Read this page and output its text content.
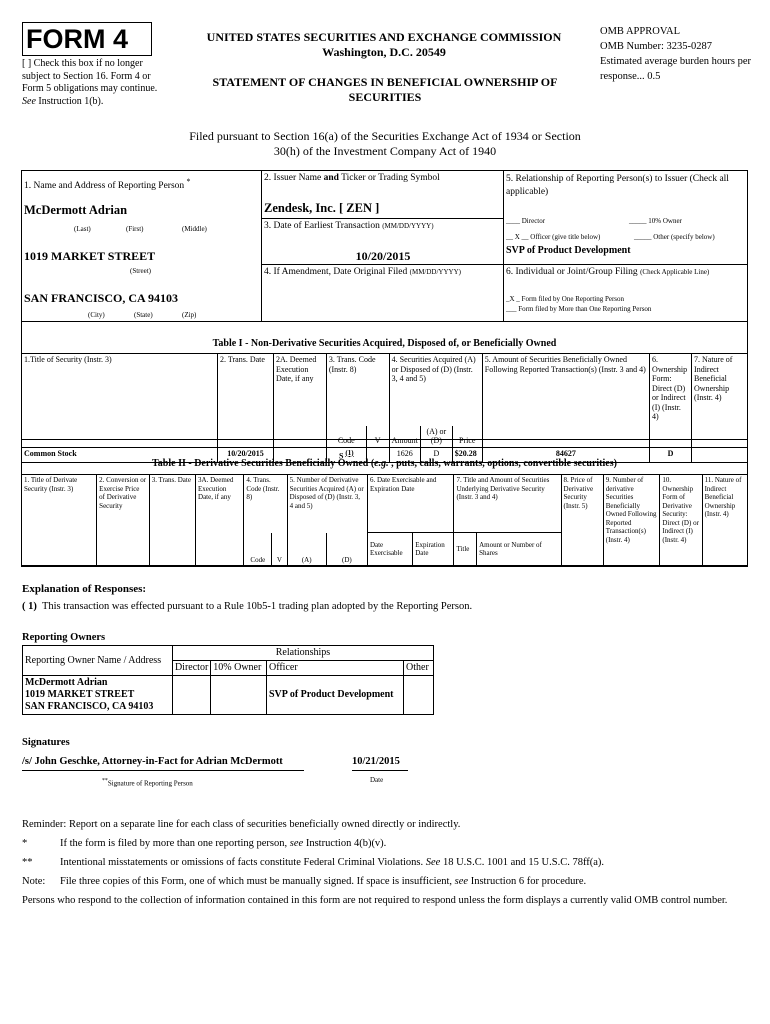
FORM 4
[ ] Check this box if no longer subject to Section 16. Form 4 or Form 5 obligations may continue. See Instruction 1(b).
UNITED STATES SECURITIES AND EXCHANGE COMMISSION
Washington, D.C. 20549
STATEMENT OF CHANGES IN BENEFICIAL OWNERSHIP OF SECURITIES
OMB APPROVAL
OMB Number: 3235-0287
Estimated average burden hours per response... 0.5
Filed pursuant to Section 16(a) of the Securities Exchange Act of 1934 or Section 30(h) of the Investment Company Act of 1940
1. Name and Address of Reporting Person *
McDermott Adrian
(Last)	(First)	(Middle)
1019 MARKET STREET
(Street)
SAN FRANCISCO, CA 94103
(City)	(State)	(Zip)
2. Issuer Name and Ticker or Trading Symbol
Zendesk, Inc. [ ZEN ]
3. Date of Earliest Transaction (MM/DD/YYYY)
10/20/2015
4. If Amendment, Date Original Filed (MM/DD/YYYY)
5. Relationship of Reporting Person(s) to Issuer (Check all applicable)
____ Director	_____ 10% Owner
__ X __ Officer (give title below)	_____ Other (specify below)
SVP of Product Development
6. Individual or Joint/Group Filing (Check Applicable Line)
_X _ Form filed by One Reporting Person
___ Form filed by More than One Reporting Person
Table I - Non-Derivative Securities Acquired, Disposed of, or Beneficially Owned
1.Title of Security (Instr. 3)	2. Trans. Date	2A. Deemed Execution Date, if any	3. Trans. Code (Instr. 8)		4. Securities Acquired (A) or Disposed of (D) (Instr. 3, 4 and 5)			5. Amount of Securities Beneficially Owned Following Reported Transaction(s) (Instr. 3 and 4)	6. Ownership Form: Direct (D) or Indirect (I) (Instr. 4)	7. Nature of Indirect Beneficial Ownership (Instr. 4)
			Code	V	Amount	(A) or (D)	Price			
Common Stock	10/20/2015		S $^{(1)}$		1626	D	$20.28	84627	D	
Table II - Derivative Securities Beneficially Owned (e.g. , puts, calls, warrants, options, convertible securities)
1. Title of Derivate Security (Instr. 3)	2. Conversion or Exercise Price of Derivative Security	3. Trans. Date	3A. Deemed Execution Date, if any	4. Trans. Code (Instr. 8)		5. Number of Derivative Securities Acquired (A) or Disposed of (D) (Instr. 3, 4 and 5)		6. Date Exercisable and Expiration Date		7. Title and Amount of Securities Underlying Derivative Security (Instr. 3 and 4)		8. Price of Derivative Security (Instr. 5)	9. Number of derivative Securities Beneficially Owned Following Reported Transaction(s) (Instr. 4)	10. Ownership Form of Derivative Security: Direct (D) or Indirect (I) (Instr. 4)	11. Nature of Indirect Beneficial Ownership (Instr. 4)
				Code	V	(A)	(D)	Date Exercisable	Expiration Date	Title	Amount or Number of Shares				
Explanation of Responses:
( 1) This transaction was effected pursuant to a Rule 10b5-1 trading plan adopted by the Reporting Person.
Reporting Owners
Reporting Owner Name / Address	Relationships			
	Director	10% Owner	Officer	Other

McDermott Adrian
1019 MARKET STREET
SAN FRANCISCO, CA 94103			SVP of Product Development	
Signatures
/s/ John Geschke, Attorney-in-Fact for Adrian McDermott	10/21/2015
**Signature of Reporting Person	Date
Reminder: Report on a separate line for each class of securities beneficially owned directly or indirectly.
*	If the form is filed by more than one reporting person, see Instruction 4(b)(v).
**	Intentional misstatements or omissions of facts constitute Federal Criminal Violations. See 18 U.S.C. 1001 and 15 U.S.C. 78ff(a).
Note:	File three copies of this Form, one of which must be manually signed. If space is insufficient, see Instruction 6 for procedure.
Persons who respond to the collection of information contained in this form are not required to respond unless the form displays a currently valid OMB control number.
